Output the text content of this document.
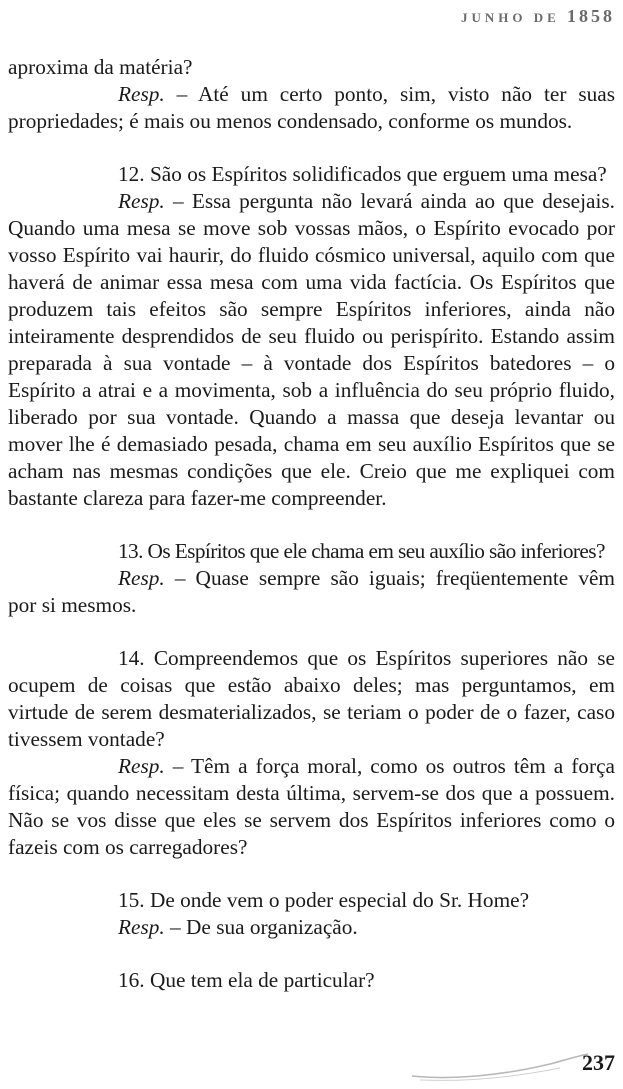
JUNHO DE 1858

aproxima da matéria?

Resp. – Até um certo ponto, sim, visto não ter suas propriedades; é mais ou menos condensado, conforme os mundos.

12. São os Espíritos solidificados que erguem uma mesa?

Resp. – Essa pergunta não levará ainda ao que desejais. Quando uma mesa se move sob vossas mãos, o Espírito evocado por vosso Espírito vai haurir, do fluido cósmico universal, aquilo com que haverá de animar essa mesa com uma vida factícia. Os Espíritos que produzem tais efeitos são sempre Espíritos inferiores, ainda não inteiramente desprendidos de seu fluido ou perispírito. Estando assim preparada à sua vontade – à vontade dos Espíritos batedores – o Espírito a atrai e a movimenta, sob a influência do seu próprio fluido, liberado por sua vontade. Quando a massa que deseja levantar ou mover lhe é demasiado pesada, chama em seu auxílio Espíritos que se acham nas mesmas condições que ele. Creio que me expliquei com bastante clareza para fazer-me compreender.

13. Os Espíritos que ele chama em seu auxílio são inferiores?

Resp. – Quase sempre são iguais; freqüentemente vêm por si mesmos.

14. Compreendemos que os Espíritos superiores não se ocupem de coisas que estão abaixo deles; mas perguntamos, em virtude de serem desmaterializados, se teriam o poder de o fazer, caso tivessem vontade?

Resp. – Têm a força moral, como os outros têm a força física; quando necessitam desta última, servem-se dos que a possuem. Não se vos disse que eles se servem dos Espíritos inferiores como o fazeis com os carregadores?

15. De onde vem o poder especial do Sr. Home?

Resp. – De sua organização.

16. Que tem ela de particular?

237
